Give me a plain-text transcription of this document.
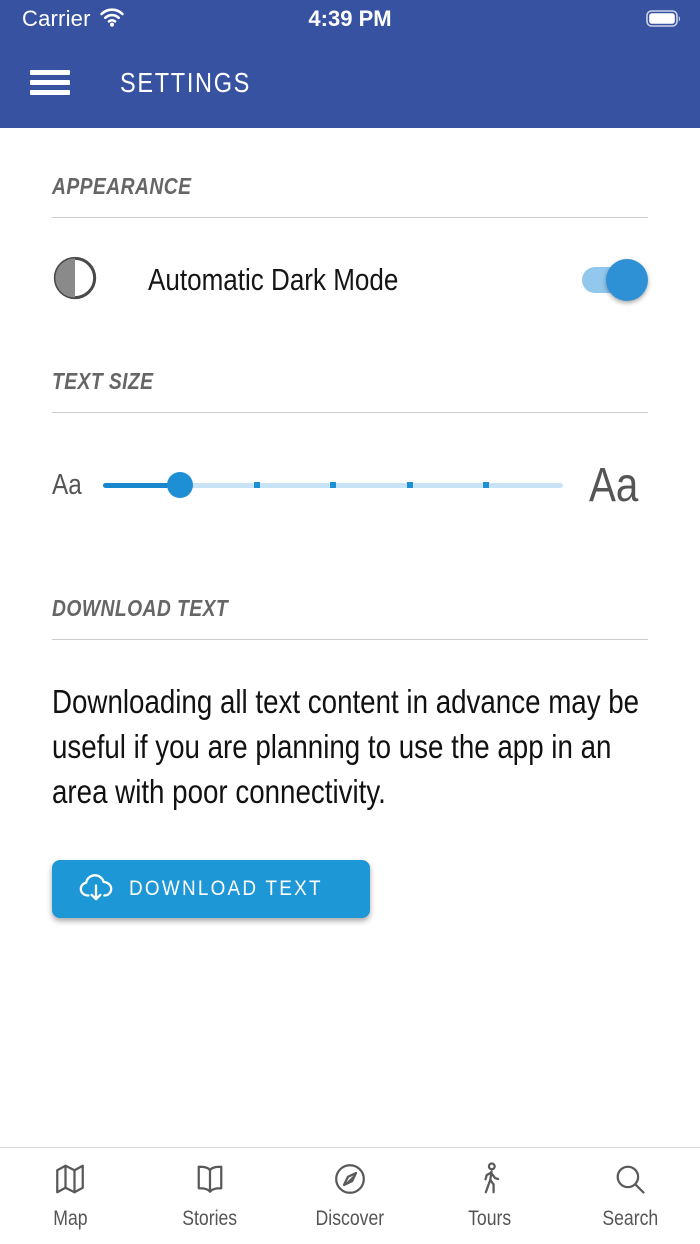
Carrier	4:39 PM
SETTINGS
APPEARANCE
Automatic Dark Mode
TEXT SIZE
Aa	Aa
DOWNLOAD TEXT

Downloading all text content in advance may be useful if you are planning to use the app in an area with poor connectivity.

DOWNLOAD TEXT
Map	Stories	Discover	Tours	Search
